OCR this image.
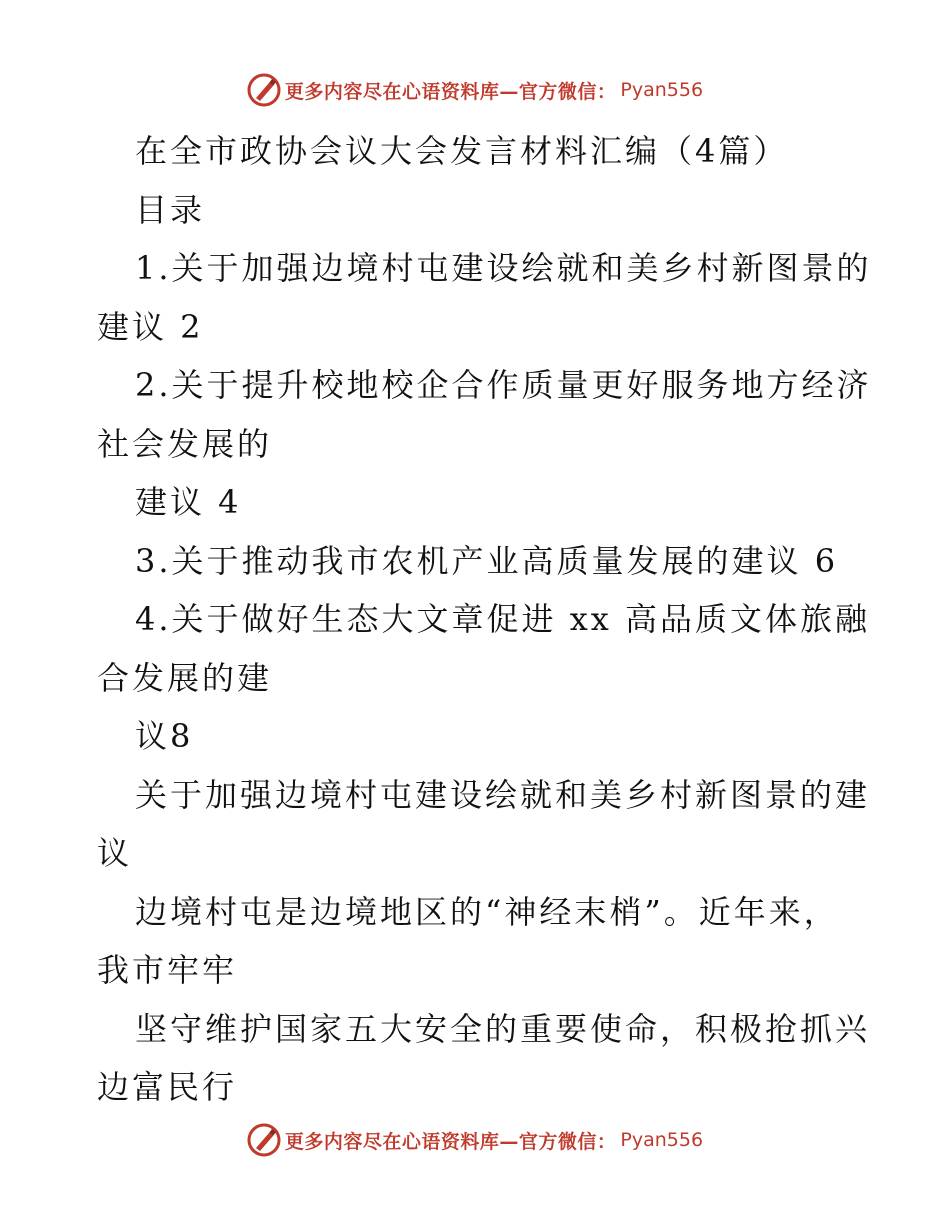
更多内容尽在心语资料库—官方微信： Pyan556
在全市政协会议大会发言材料汇编（4篇）
目录
1.关于加强边境村屯建设绘就和美乡村新图景的
建议 2
2.关于提升校地校企合作质量更好服务地方经济
社会发展的
建议 4
3.关于推动我市农机产业高质量发展的建议 6
4.关于做好生态大文章促进 xx 高品质文体旅融
合发展的建
议8
关于加强边境村屯建设绘就和美乡村新图景的建
议
边境村屯是边境地区的“神经末梢”。近年来，
我市牢牢
坚守维护国家五大安全的重要使命，积极抢抓兴
边富民行
更多内容尽在心语资料库—官方微信： Pyan556
